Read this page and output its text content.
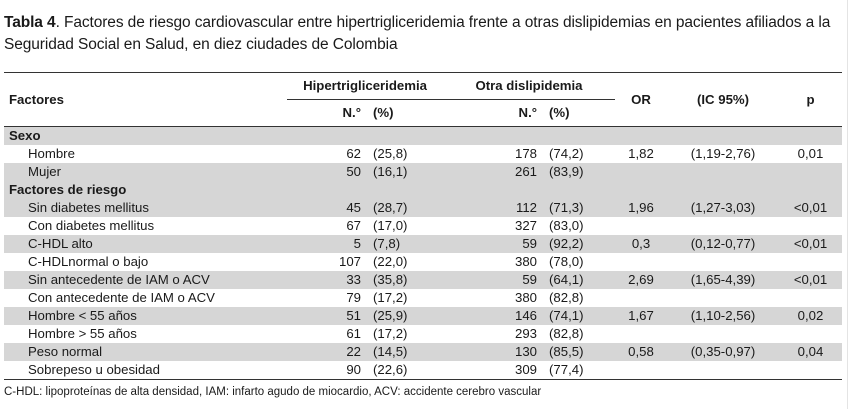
Tabla 4. Factores de riesgo cardiovascular entre hipertrigliceridemia frente a otras dislipidemias en pacientes afiliados a la Seguridad Social en Salud, en diez ciudades de Colombia
Factores	Hipertrigliceridemia		Otra dislipidemia		OR	(IC 95%)	p
	N.°	(%)	N.°	(%)			
Sexo							
Hombre	62	(25,8)	178	(74,2)	1,82	(1,19-2,76)	0,01
Mujer	50	(16,1)	261	(83,9)			
Factores de riesgo							
Sin diabetes mellitus	45	(28,7)	112	(71,3)	1,96	(1,27-3,03)	<0,01
Con diabetes mellitus	67	(17,0)	327	(83,0)			
C-HDL alto	5	(7,8)	59	(92,2)	0,3	(0,12-0,77)	<0,01
C-HDLnormal o bajo	107	(22,0)	380	(78,0)			
Sin antecedente de IAM o ACV	33	(35,8)	59	(64,1)	2,69	(1,65-4,39)	<0,01
Con antecedente de IAM o ACV	79	(17,2)	380	(82,8)			
Hombre < 55 años	51	(25,9)	146	(74,1)	1,67	(1,10-2,56)	0,02
Hombre > 55 años	61	(17,2)	293	(82,8)			
Peso normal	22	(14,5)	130	(85,5)	0,58	(0,35-0,97)	0,04
Sobrepeso u obesidad	90	(22,6)	309	(77,4)			
C-HDL: lipoproteínas de alta densidad, IAM: infarto agudo de miocardio, ACV: accidente cerebro vascular
